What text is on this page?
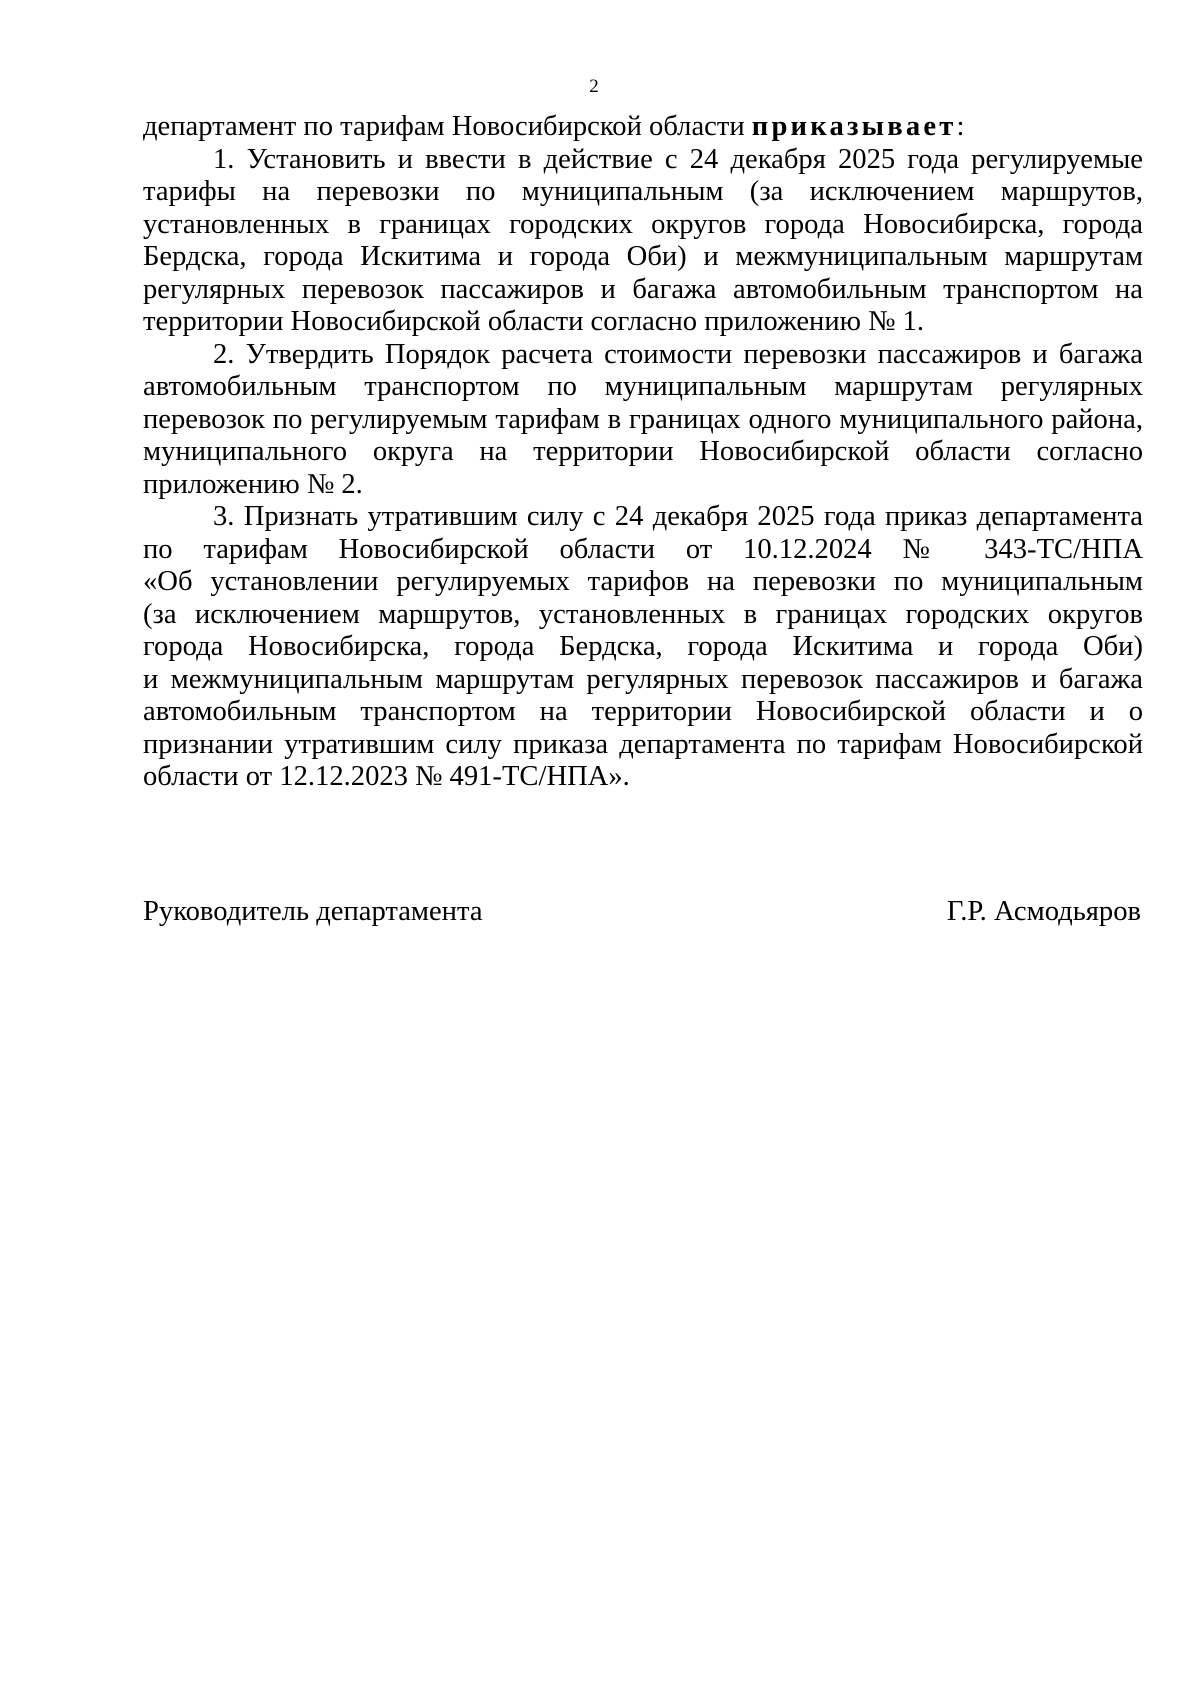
2
департамент по тарифам Новосибирской области приказывает:
1. Установить и ввести в действие с 24 декабря 2025 года регулируемые
тарифы на перевозки по муниципальным (за исключением маршрутов,
установленных в границах городских округов города Новосибирска, города
Бердска, города Искитима и города Оби) и межмуниципальным маршрутам
регулярных перевозок пассажиров и багажа автомобильным транспортом на
территории Новосибирской области согласно приложению № 1.
2. Утвердить Порядок расчета стоимости перевозки пассажиров и багажа
автомобильным транспортом по муниципальным маршрутам регулярных
перевозок по регулируемым тарифам в границах одного муниципального района,
муниципального округа на территории Новосибирской области согласно
приложению № 2.
3. Признать утратившим силу с 24 декабря 2025 года приказ департамента
по тарифам Новосибирской области от 10.12.2024 № 343-ТС/НПА
«Об установлении регулируемых тарифов на перевозки по муниципальным
(за исключением маршрутов, установленных в границах городских округов
города Новосибирска, города Бердска, города Искитима и города Оби)
и межмуниципальным маршрутам регулярных перевозок пассажиров и багажа
автомобильным транспортом на территории Новосибирской области и о
признании утратившим силу приказа департамента по тарифам Новосибирской
области от 12.12.2023 № 491-ТС/НПА».
Руководитель департамента	Г.Р. Асмодьяров
